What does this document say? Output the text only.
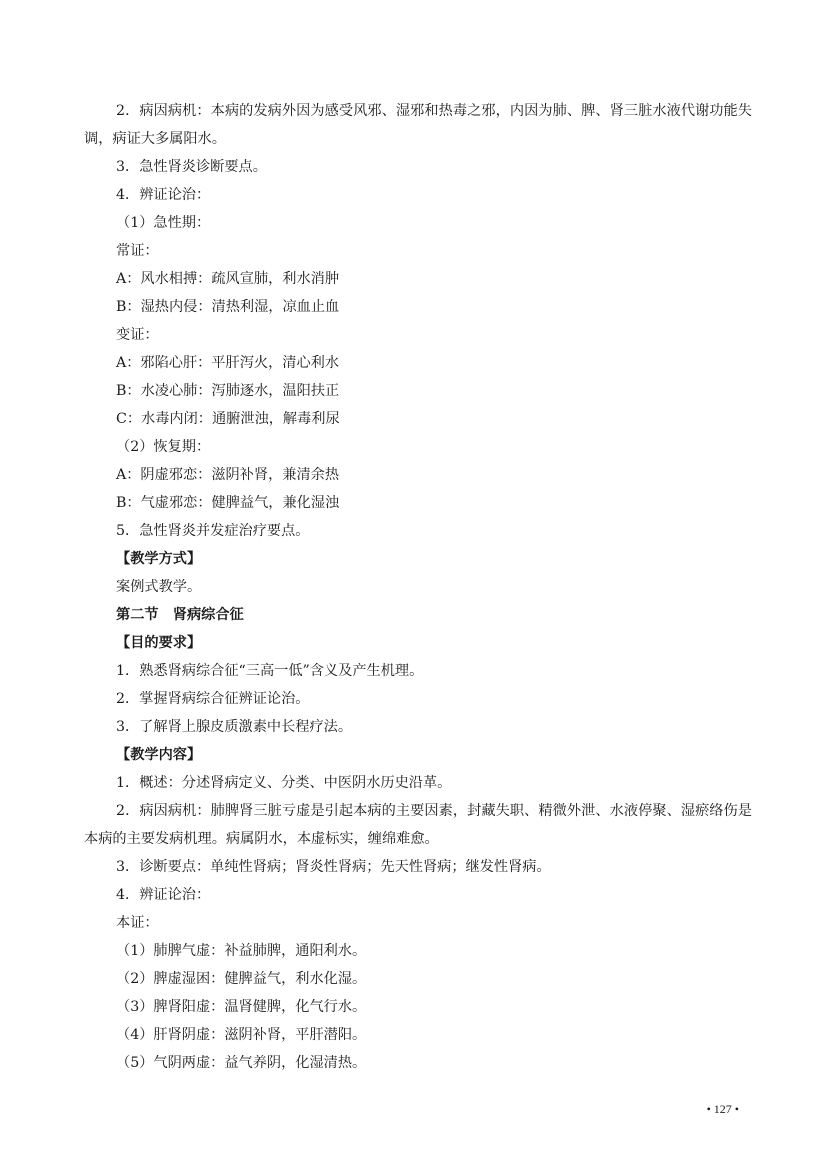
2．病因病机：本病的发病外因为感受风邪、湿邪和热毒之邪，内因为肺、脾、肾三脏水液代谢功能失调，病证大多属阳水。

3．急性肾炎诊断要点。

4．辨证论治：

（1）急性期：

常证：

A：风水相搏：疏风宣肺，利水消肿

B：湿热内侵：清热利湿，凉血止血

变证：

A：邪陷心肝：平肝泻火，清心利水

B：水凌心肺：泻肺逐水，温阳扶正

C：水毒内闭：通腑泄浊，解毒利尿

（2）恢复期：

A：阴虚邪恋：滋阴补肾，兼清余热

B：气虚邪恋：健脾益气，兼化湿浊

5．急性肾炎并发症治疗要点。

【教学方式】

案例式教学。

第二节　肾病综合征

【目的要求】

1．熟悉肾病综合征“三高一低”含义及产生机理。

2．掌握肾病综合征辨证论治。

3．了解肾上腺皮质激素中长程疗法。

【教学内容】

1．概述：分述肾病定义、分类、中医阴水历史沿革。

2．病因病机：肺脾肾三脏亏虚是引起本病的主要因素，封藏失职、精微外泄、水液停聚、湿瘀络伤是本病的主要发病机理。病属阴水，本虚标实，缠绵难愈。

3．诊断要点：单纯性肾病；肾炎性肾病；先天性肾病；继发性肾病。

4．辨证论治：

本证：

（1）肺脾气虚：补益肺脾，通阳利水。

（2）脾虚湿困：健脾益气，利水化湿。

（3）脾肾阳虚：温肾健脾，化气行水。

（4）肝肾阴虚：滋阴补肾，平肝潜阳。

（5）气阴两虚：益气养阴，化湿清热。

• 127 •
